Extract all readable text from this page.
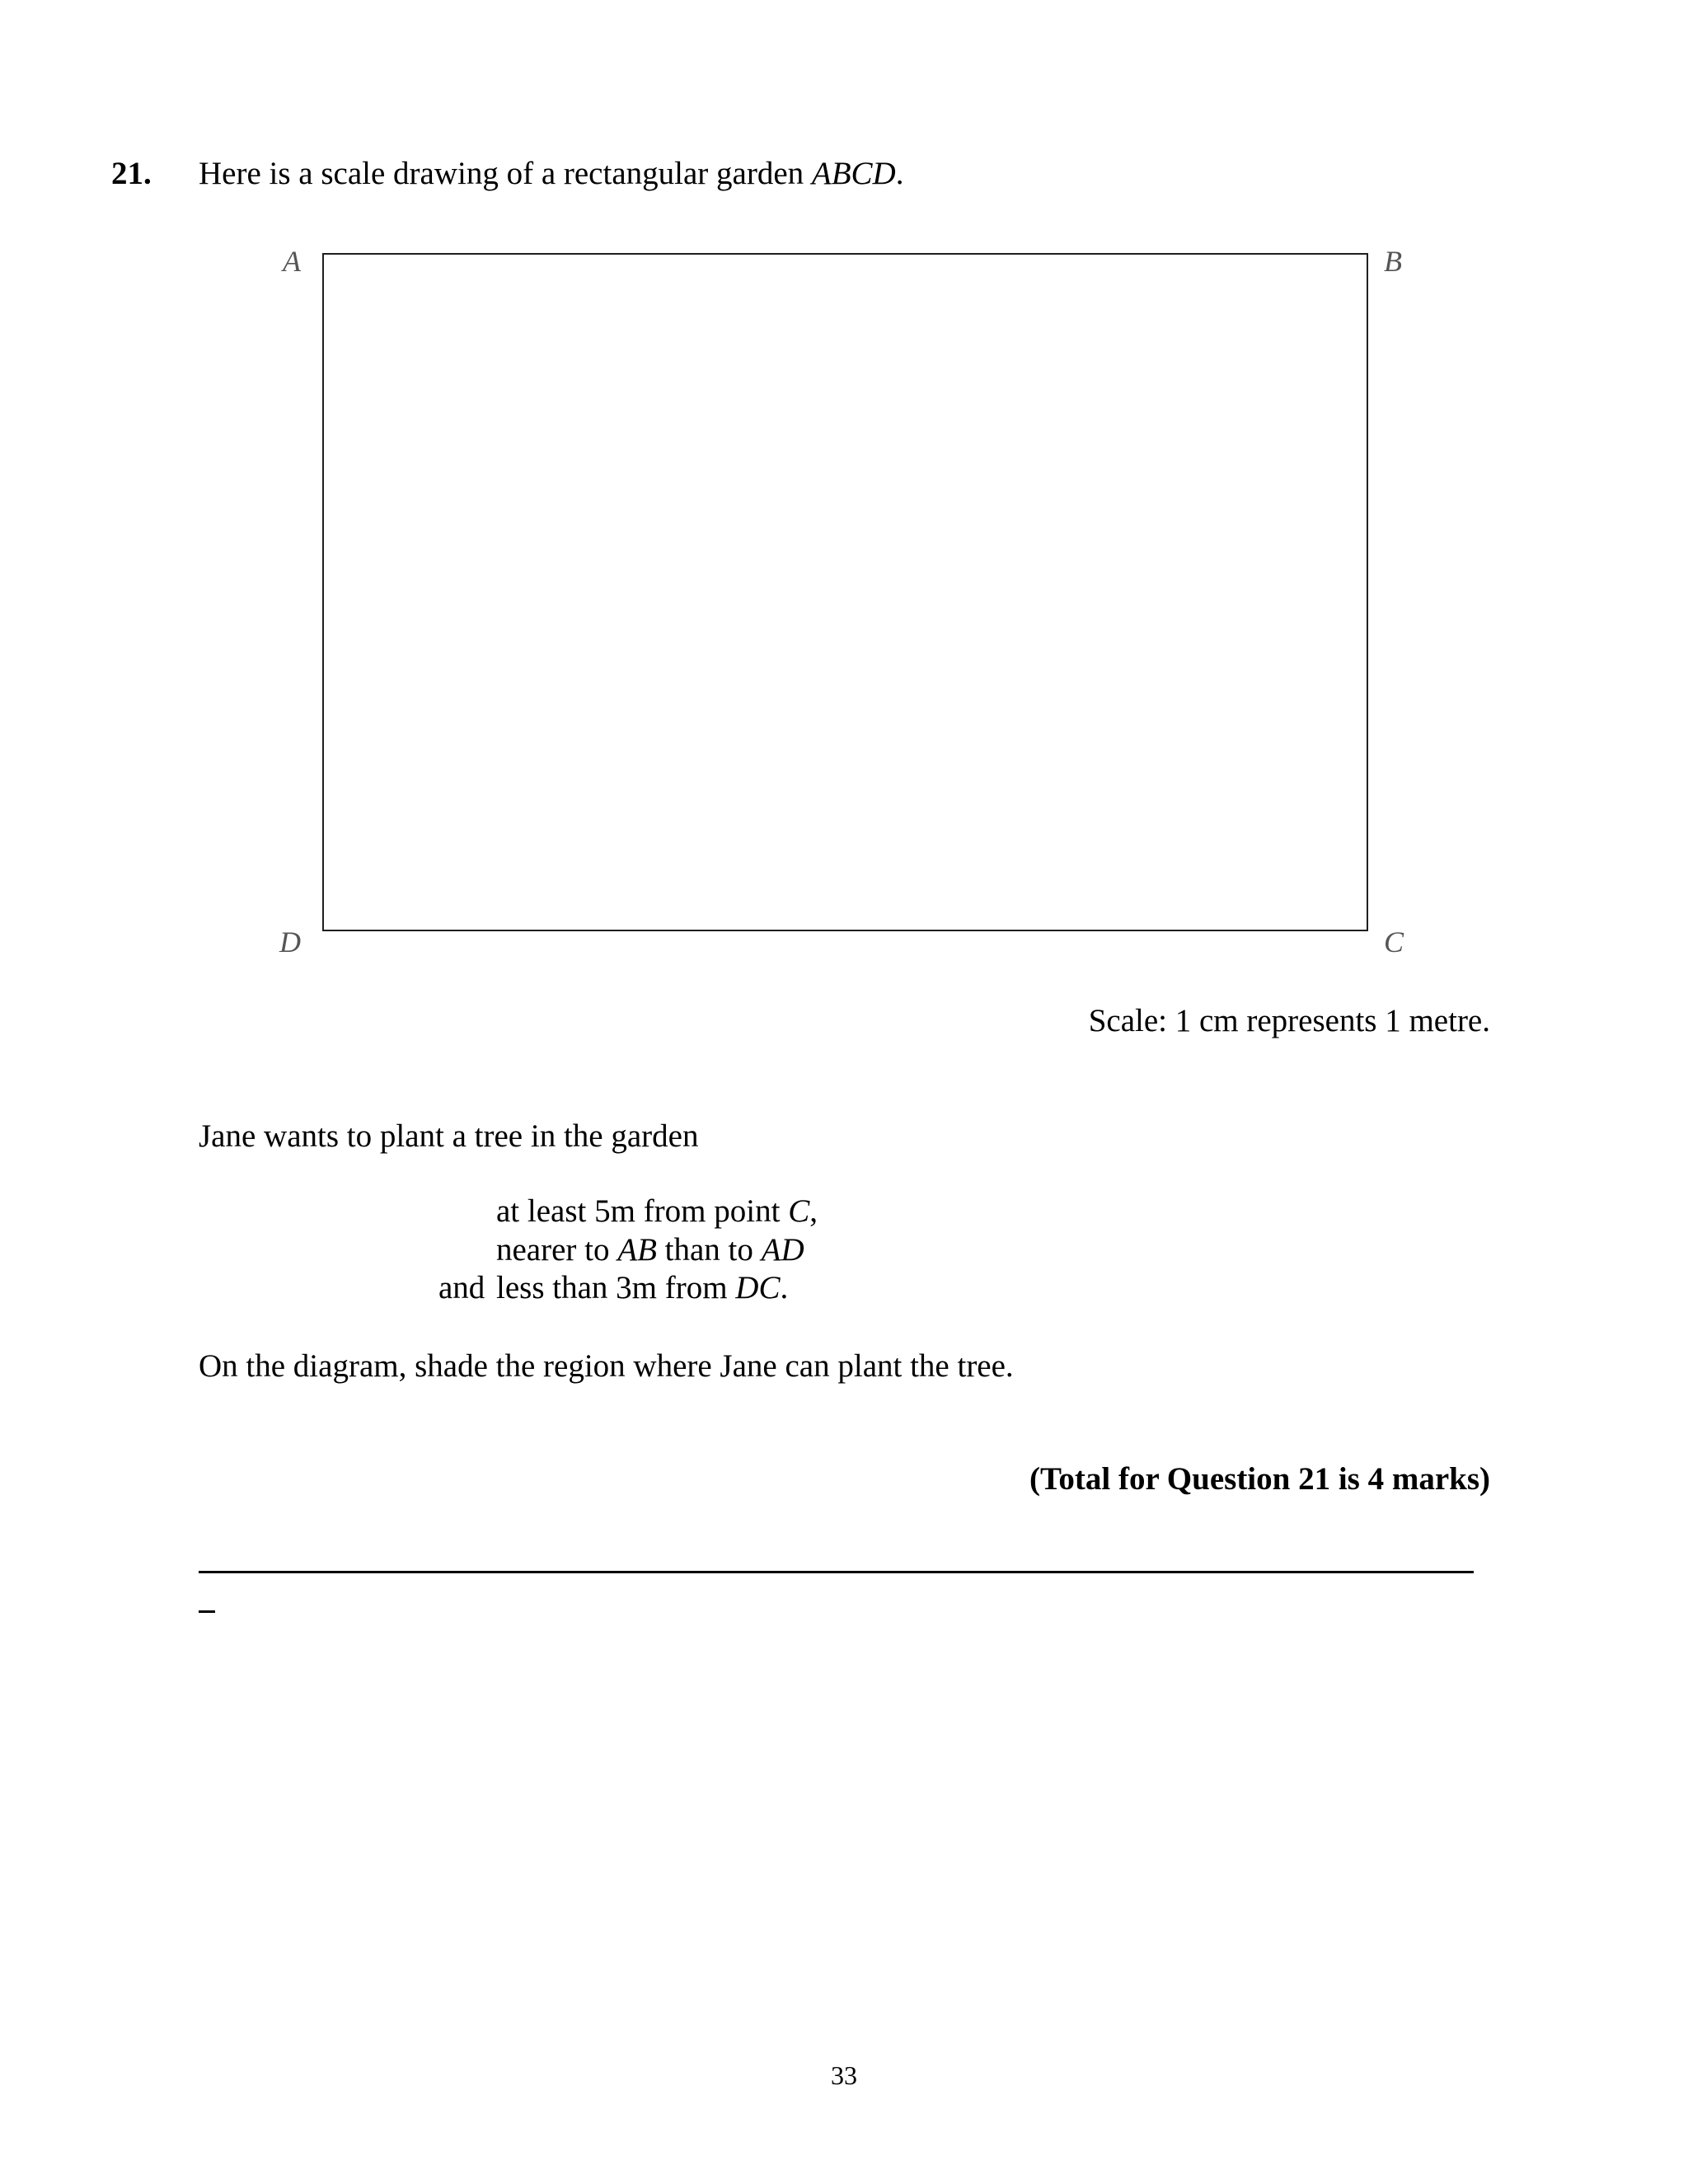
21. Here is a scale drawing of a rectangular garden ABCD.
A	B
D	C
Scale: 1 cm represents 1 metre.
Jane wants to plant a tree in the garden
at least 5m from point C,
nearer to AB than to AD
and less than 3m from DC.
On the diagram, shade the region where Jane can plant the tree.
(Total for Question 21 is 4 marks)
33
